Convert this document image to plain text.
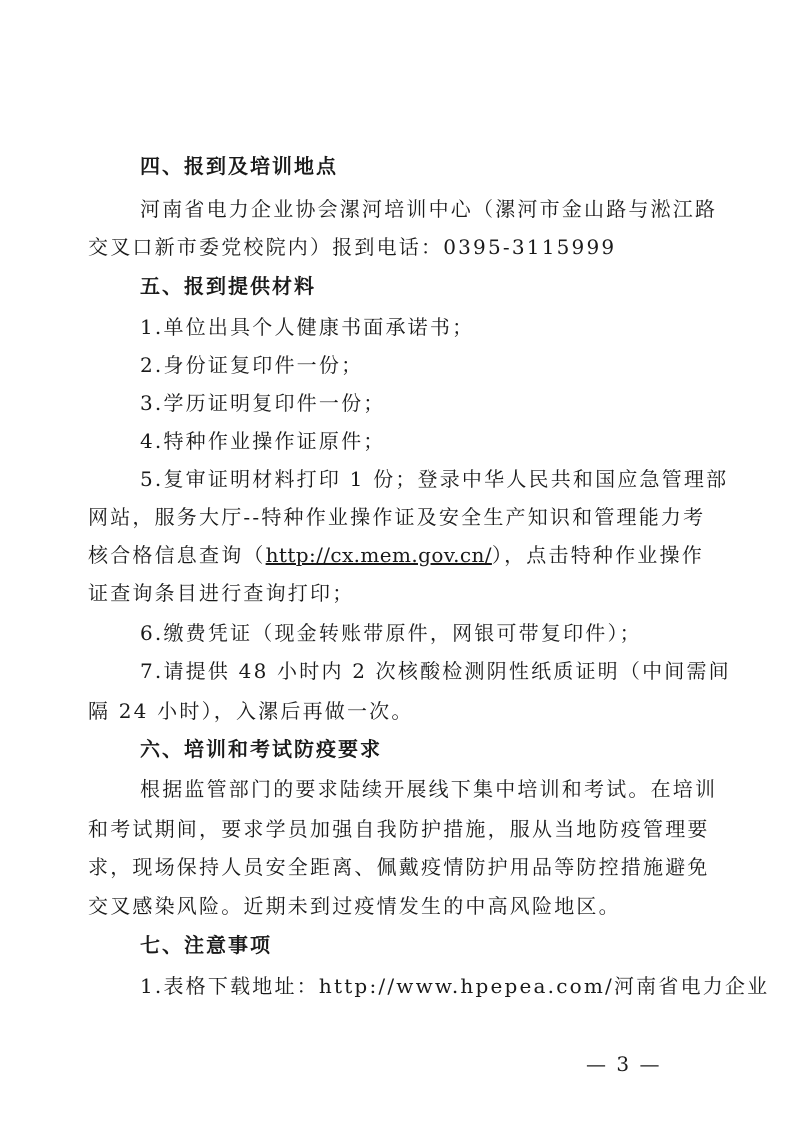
四、报到及培训地点
河南省电力企业协会漯河培训中心（漯河市金山路与淞江路
交叉口新市委党校院内）报到电话：0395-3115999
五、报到提供材料
1.单位出具个人健康书面承诺书；
2.身份证复印件一份；
3.学历证明复印件一份；
4.特种作业操作证原件；
5.复审证明材料打印 1 份；登录中华人民共和国应急管理部
网站，服务大厅--特种作业操作证及安全生产知识和管理能力考
核合格信息查询（http://cx.mem.gov.cn/），点击特种作业操作
证查询条目进行查询打印；
6.缴费凭证（现金转账带原件，网银可带复印件）；
7.请提供 48 小时内 2 次核酸检测阴性纸质证明（中间需间
隔 24 小时），入漯后再做一次。
六、培训和考试防疫要求
根据监管部门的要求陆续开展线下集中培训和考试。在培训
和考试期间，要求学员加强自我防护措施，服从当地防疫管理要
求，现场保持人员安全距离、佩戴疫情防护用品等防控措施避免
交叉感染风险。近期未到过疫情发生的中高风险地区。
七、注意事项
1.表格下载地址：http://www.hpepea.com/河南省电力企业
— 3 —
